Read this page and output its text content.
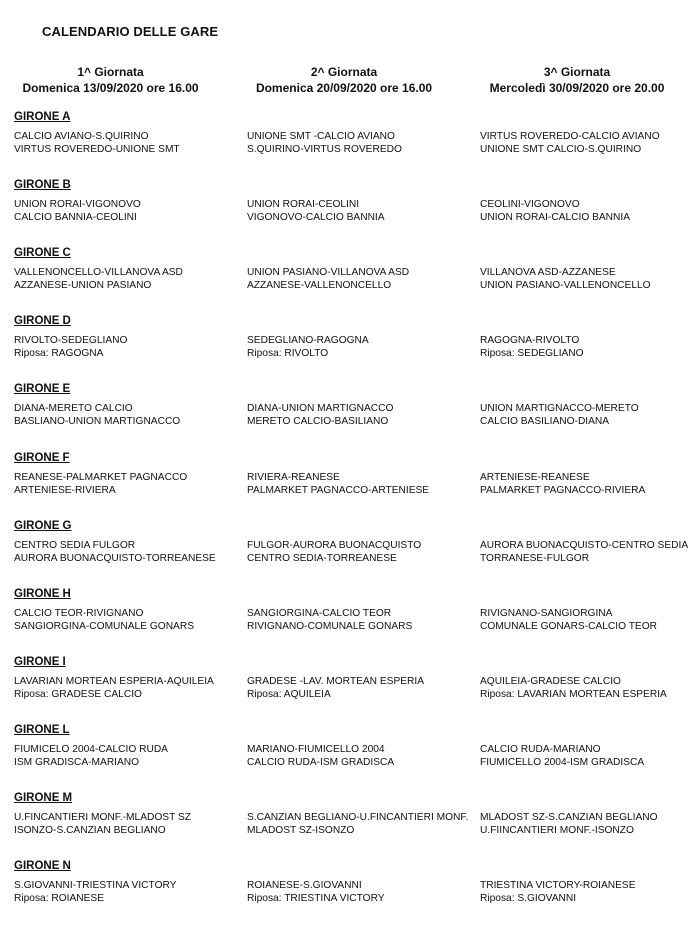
CALENDARIO DELLE GARE
1^ Giornata
Domenica 13/09/2020 ore 16.00
2^ Giornata
Domenica 20/09/2020 ore 16.00
3^ Giornata
Mercoledì 30/09/2020 ore 20.00
GIRONE A
CALCIO AVIANO-S.QUIRINO
VIRTUS ROVEREDO-UNIONE SMT
UNIONE SMT -CALCIO AVIANO
S.QUIRINO-VIRTUS ROVEREDO
VIRTUS ROVEREDO-CALCIO AVIANO
UNIONE SMT CALCIO-S.QUIRINO
GIRONE B
UNION RORAI-VIGONOVO
CALCIO BANNIA-CEOLINI
UNION RORAI-CEOLINI
VIGONOVO-CALCIO BANNIA
CEOLINI-VIGONOVO
UNION RORAI-CALCIO BANNIA
GIRONE C
VALLENONCELLO-VILLANOVA ASD
AZZANESE-UNION PASIANO
UNION PASIANO-VILLANOVA ASD
AZZANESE-VALLENONCELLO
VILLANOVA ASD-AZZANESE
UNION PASIANO-VALLENONCELLO
GIRONE D
RIVOLTO-SEDEGLIANO
Riposa: RAGOGNA
SEDEGLIANO-RAGOGNA
Riposa: RIVOLTO
RAGOGNA-RIVOLTO
Riposa: SEDEGLIANO
GIRONE E
DIANA-MERETO CALCIO
BASLIANO-UNION MARTIGNACCO
DIANA-UNION MARTIGNACCO
MERETO CALCIO-BASILIANO
UNION MARTIGNACCO-MERETO
CALCIO BASILIANO-DIANA
GIRONE F
REANESE-PALMARKET PAGNACCO
ARTENIESE-RIVIERA
RIVIERA-REANESE
PALMARKET PAGNACCO-ARTENIESE
ARTENIESE-REANESE
PALMARKET PAGNACCO-RIVIERA
GIRONE G
CENTRO SEDIA FULGOR
AURORA BUONACQUISTO-TORREANESE
FULGOR-AURORA BUONACQUISTO
CENTRO SEDIA-TORREANESE
AURORA BUONACQUISTO-CENTRO SEDIA
TORRANESE-FULGOR
GIRONE H
CALCIO TEOR-RIVIGNANO
SANGIORGINA-COMUNALE GONARS
SANGIORGINA-CALCIO TEOR
RIVIGNANO-COMUNALE GONARS
RIVIGNANO-SANGIORGINA
COMUNALE GONARS-CALCIO TEOR
GIRONE I
LAVARIAN MORTEAN ESPERIA-AQUILEIA
Riposa: GRADESE CALCIO
GRADESE -LAV. MORTEAN ESPERIA
Riposa: AQUILEIA
AQUILEIA-GRADESE CALCIO
Riposa: LAVARIAN MORTEAN ESPERIA
GIRONE L
FIUMICELO 2004-CALCIO RUDA
ISM GRADISCA-MARIANO
MARIANO-FIUMICELLO 2004
CALCIO RUDA-ISM GRADISCA
CALCIO RUDA-MARIANO
FIUMICELLO 2004-ISM GRADISCA
GIRONE M
U.FINCANTIERI MONF.-MLADOST SZ
ISONZO-S.CANZIAN BEGLIANO
S.CANZIAN BEGLIANO-U.FINCANTIERI MONF.
MLADOST SZ-ISONZO
MLADOST SZ-S.CANZIAN BEGLIANO
U.FIINCANTIERI MONF.-ISONZO
GIRONE N
S.GIOVANNI-TRIESTINA VICTORY
Riposa: ROIANESE
ROIANESE-S.GIOVANNI
Riposa: TRIESTINA VICTORY
TRIESTINA VICTORY-ROIANESE
Riposa: S.GIOVANNI
